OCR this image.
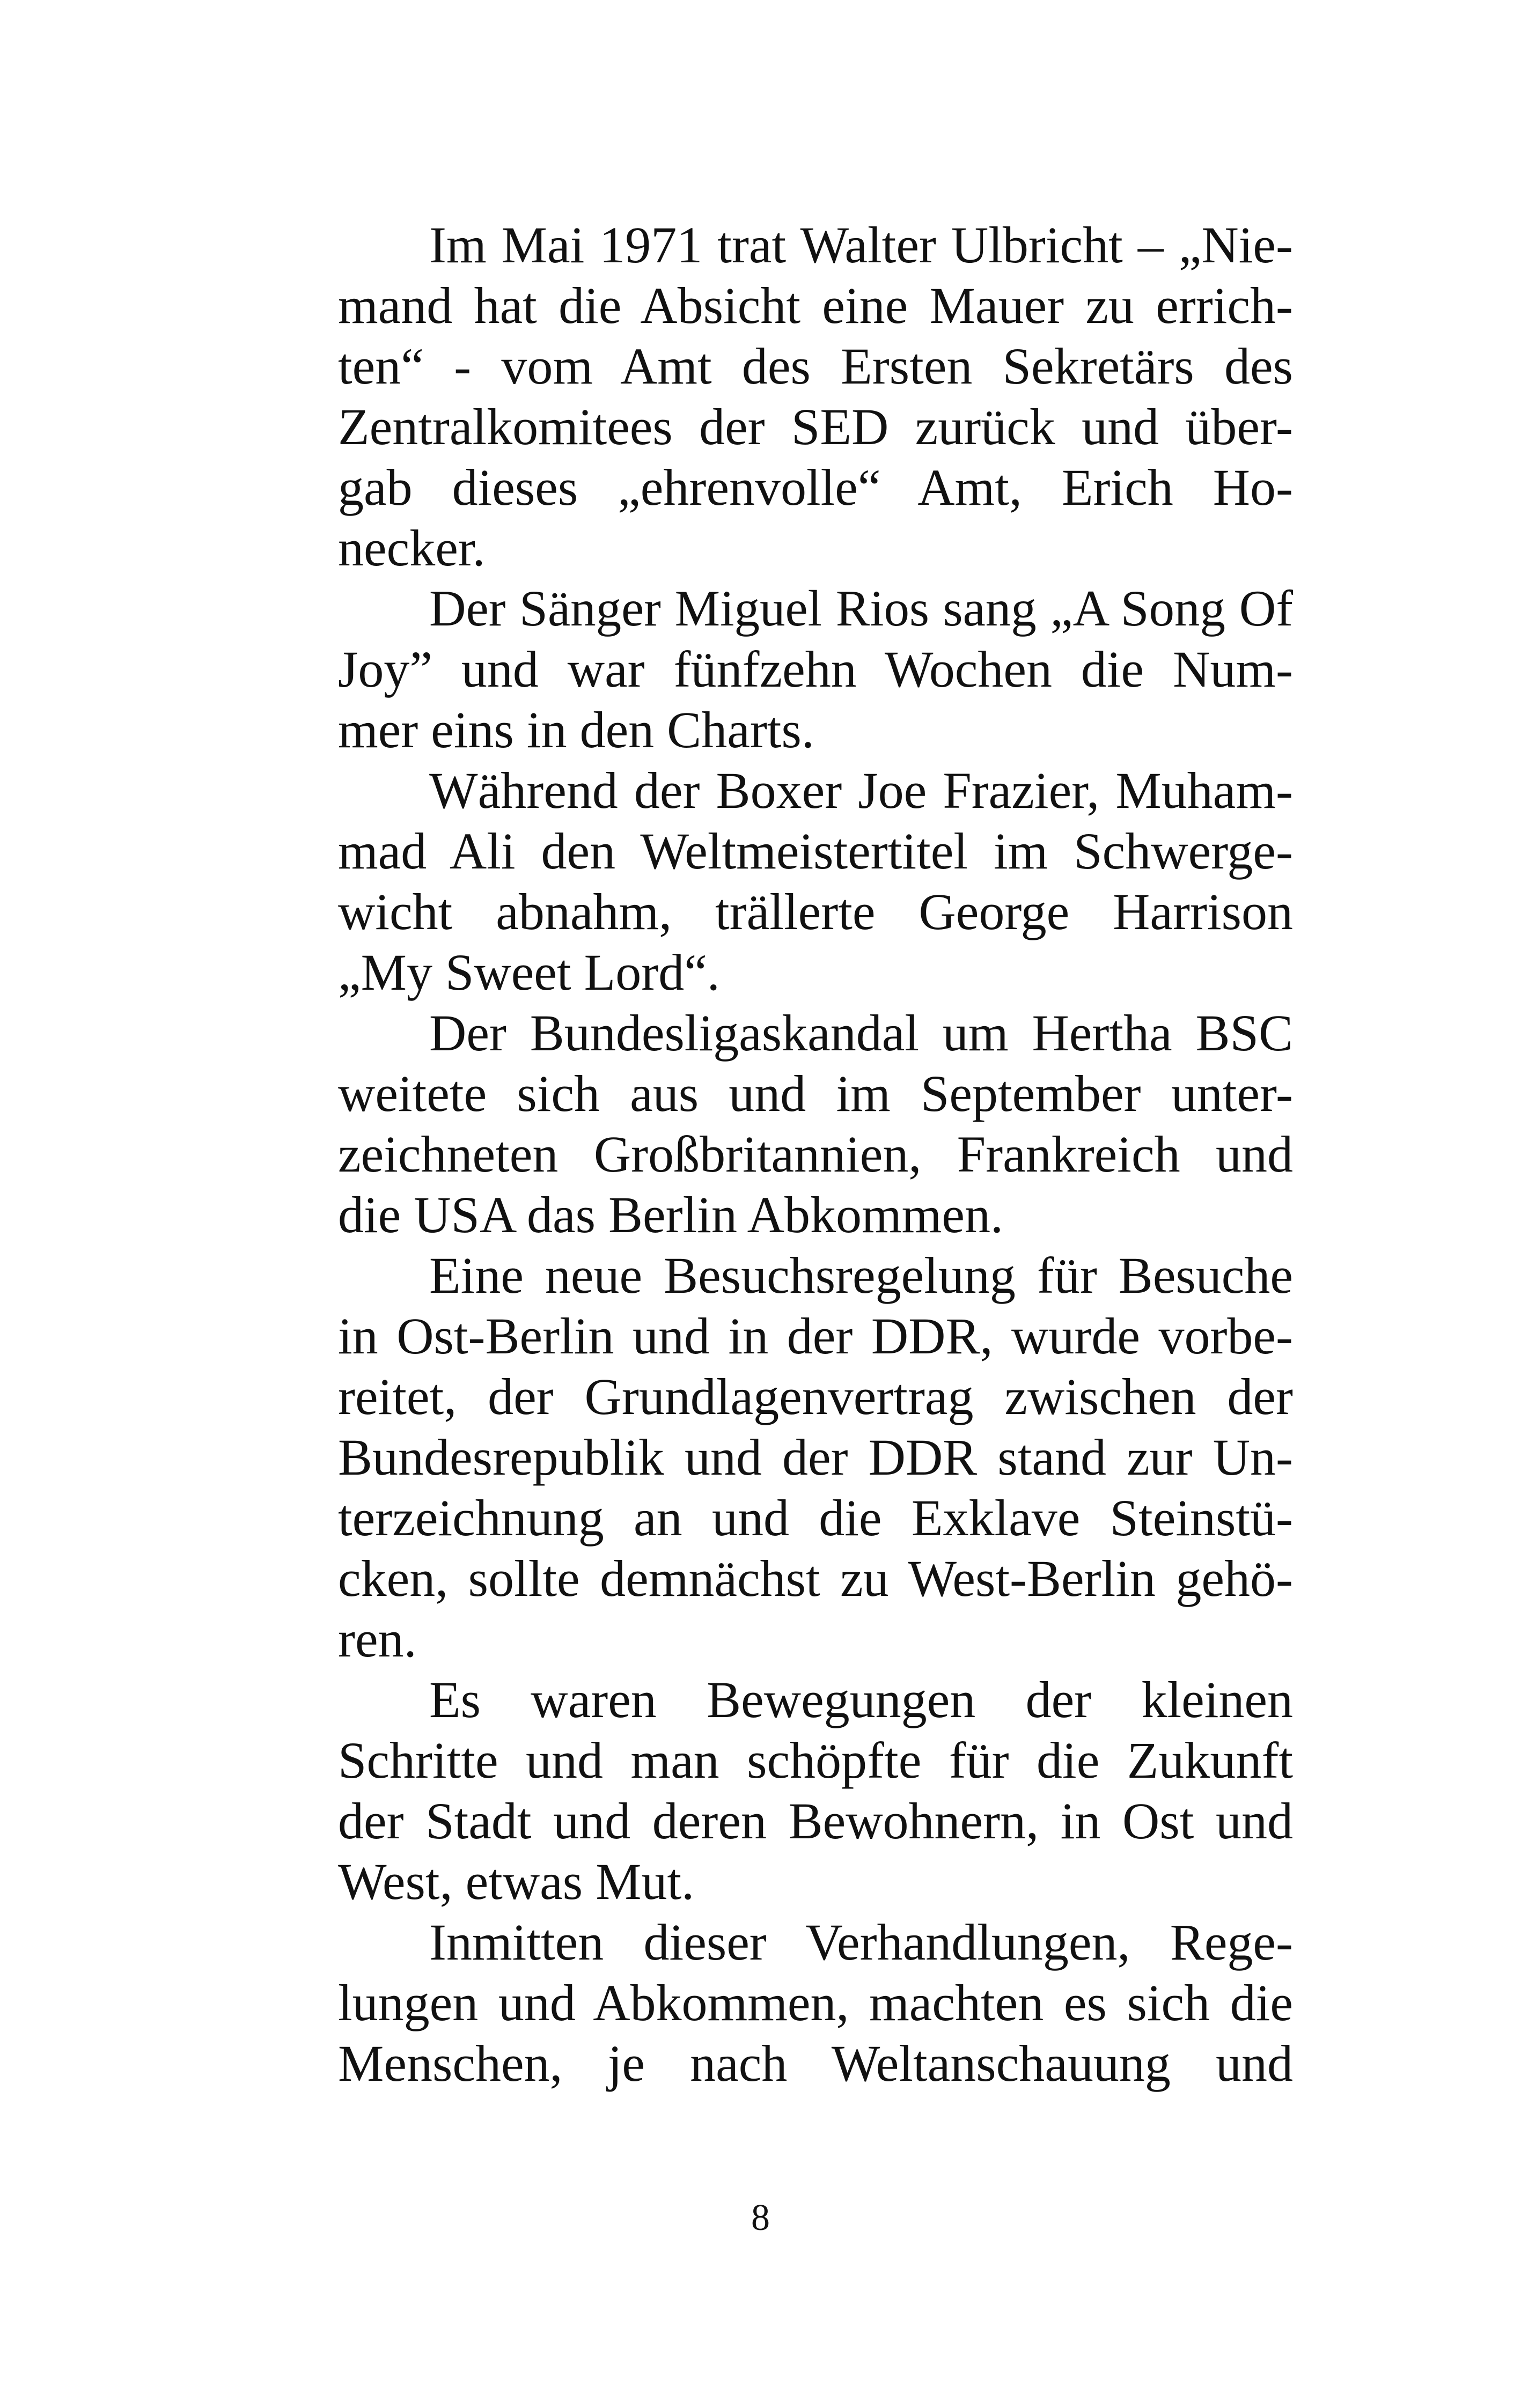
Im Mai 1971 trat Walter Ulbricht – „Nie-
mand hat die Absicht eine Mauer zu errich-
ten“ - vom Amt des Ersten Sekretärs des
Zentralkomitees der SED zurück und über-
gab dieses „ehrenvolle“ Amt, Erich Ho-
necker.
Der Sänger Miguel Rios sang „A Song Of
Joy” und war fünfzehn Wochen die Num-
mer eins in den Charts.
Während der Boxer Joe Frazier, Muham-
mad Ali den Weltmeistertitel im Schwerge-
wicht abnahm, trällerte George Harrison
„My Sweet Lord“.
Der Bundesligaskandal um Hertha BSC
weitete sich aus und im September unter-
zeichneten Großbritannien, Frankreich und
die USA das Berlin Abkommen.
Eine neue Besuchsregelung für Besuche
in Ost-Berlin und in der DDR, wurde vorbe-
reitet, der Grundlagenvertrag zwischen der
Bundesrepublik und der DDR stand zur Un-
terzeichnung an und die Exklave Steinstü-
cken, sollte demnächst zu West-Berlin gehö-
ren.
Es waren Bewegungen der kleinen
Schritte und man schöpfte für die Zukunft
der Stadt und deren Bewohnern, in Ost und
West, etwas Mut.
Inmitten dieser Verhandlungen, Rege-
lungen und Abkommen, machten es sich die
Menschen, je nach Weltanschauung und
8
